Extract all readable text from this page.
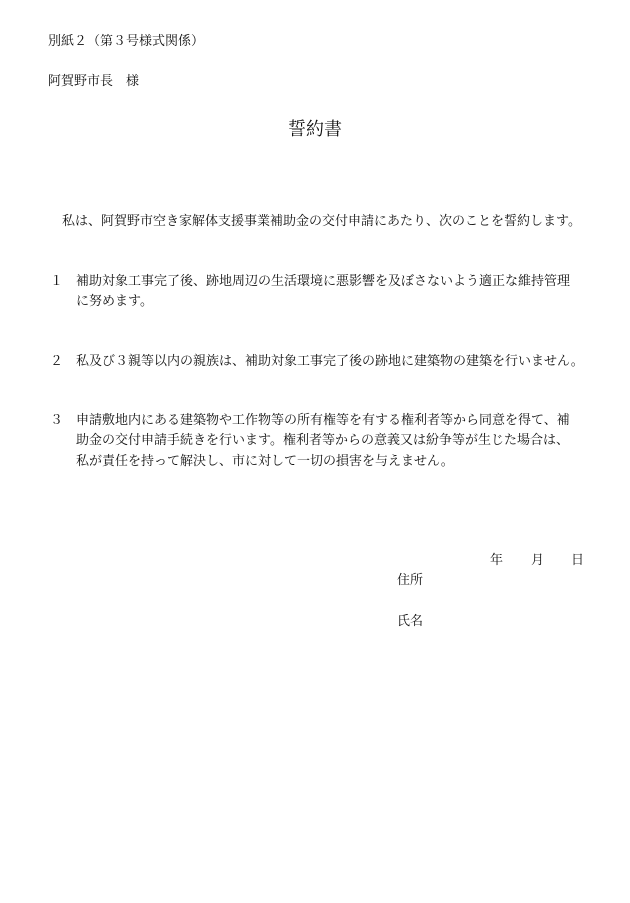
別紙２（第３号様式関係）
阿賀野市長　様
誓約書
私は、阿賀野市空き家解体支援事業補助金の交付申請にあたり、次のことを誓約します。
１ 補助対象工事完了後、跡地周辺の生活環境に悪影響を及ぼさないよう適正な維持管理
に努めます。
２ 私及び３親等以内の親族は、補助対象工事完了後の跡地に建築物の建築を行いません。
３ 申請敷地内にある建築物や工作物等の所有権等を有する権利者等から同意を得て、補
助金の交付申請手続きを行います。権利者等からの意義又は紛争等が生じた場合は、
私が責任を持って解決し、市に対して一切の損害を与えません。
年 月 日
住所
氏名
